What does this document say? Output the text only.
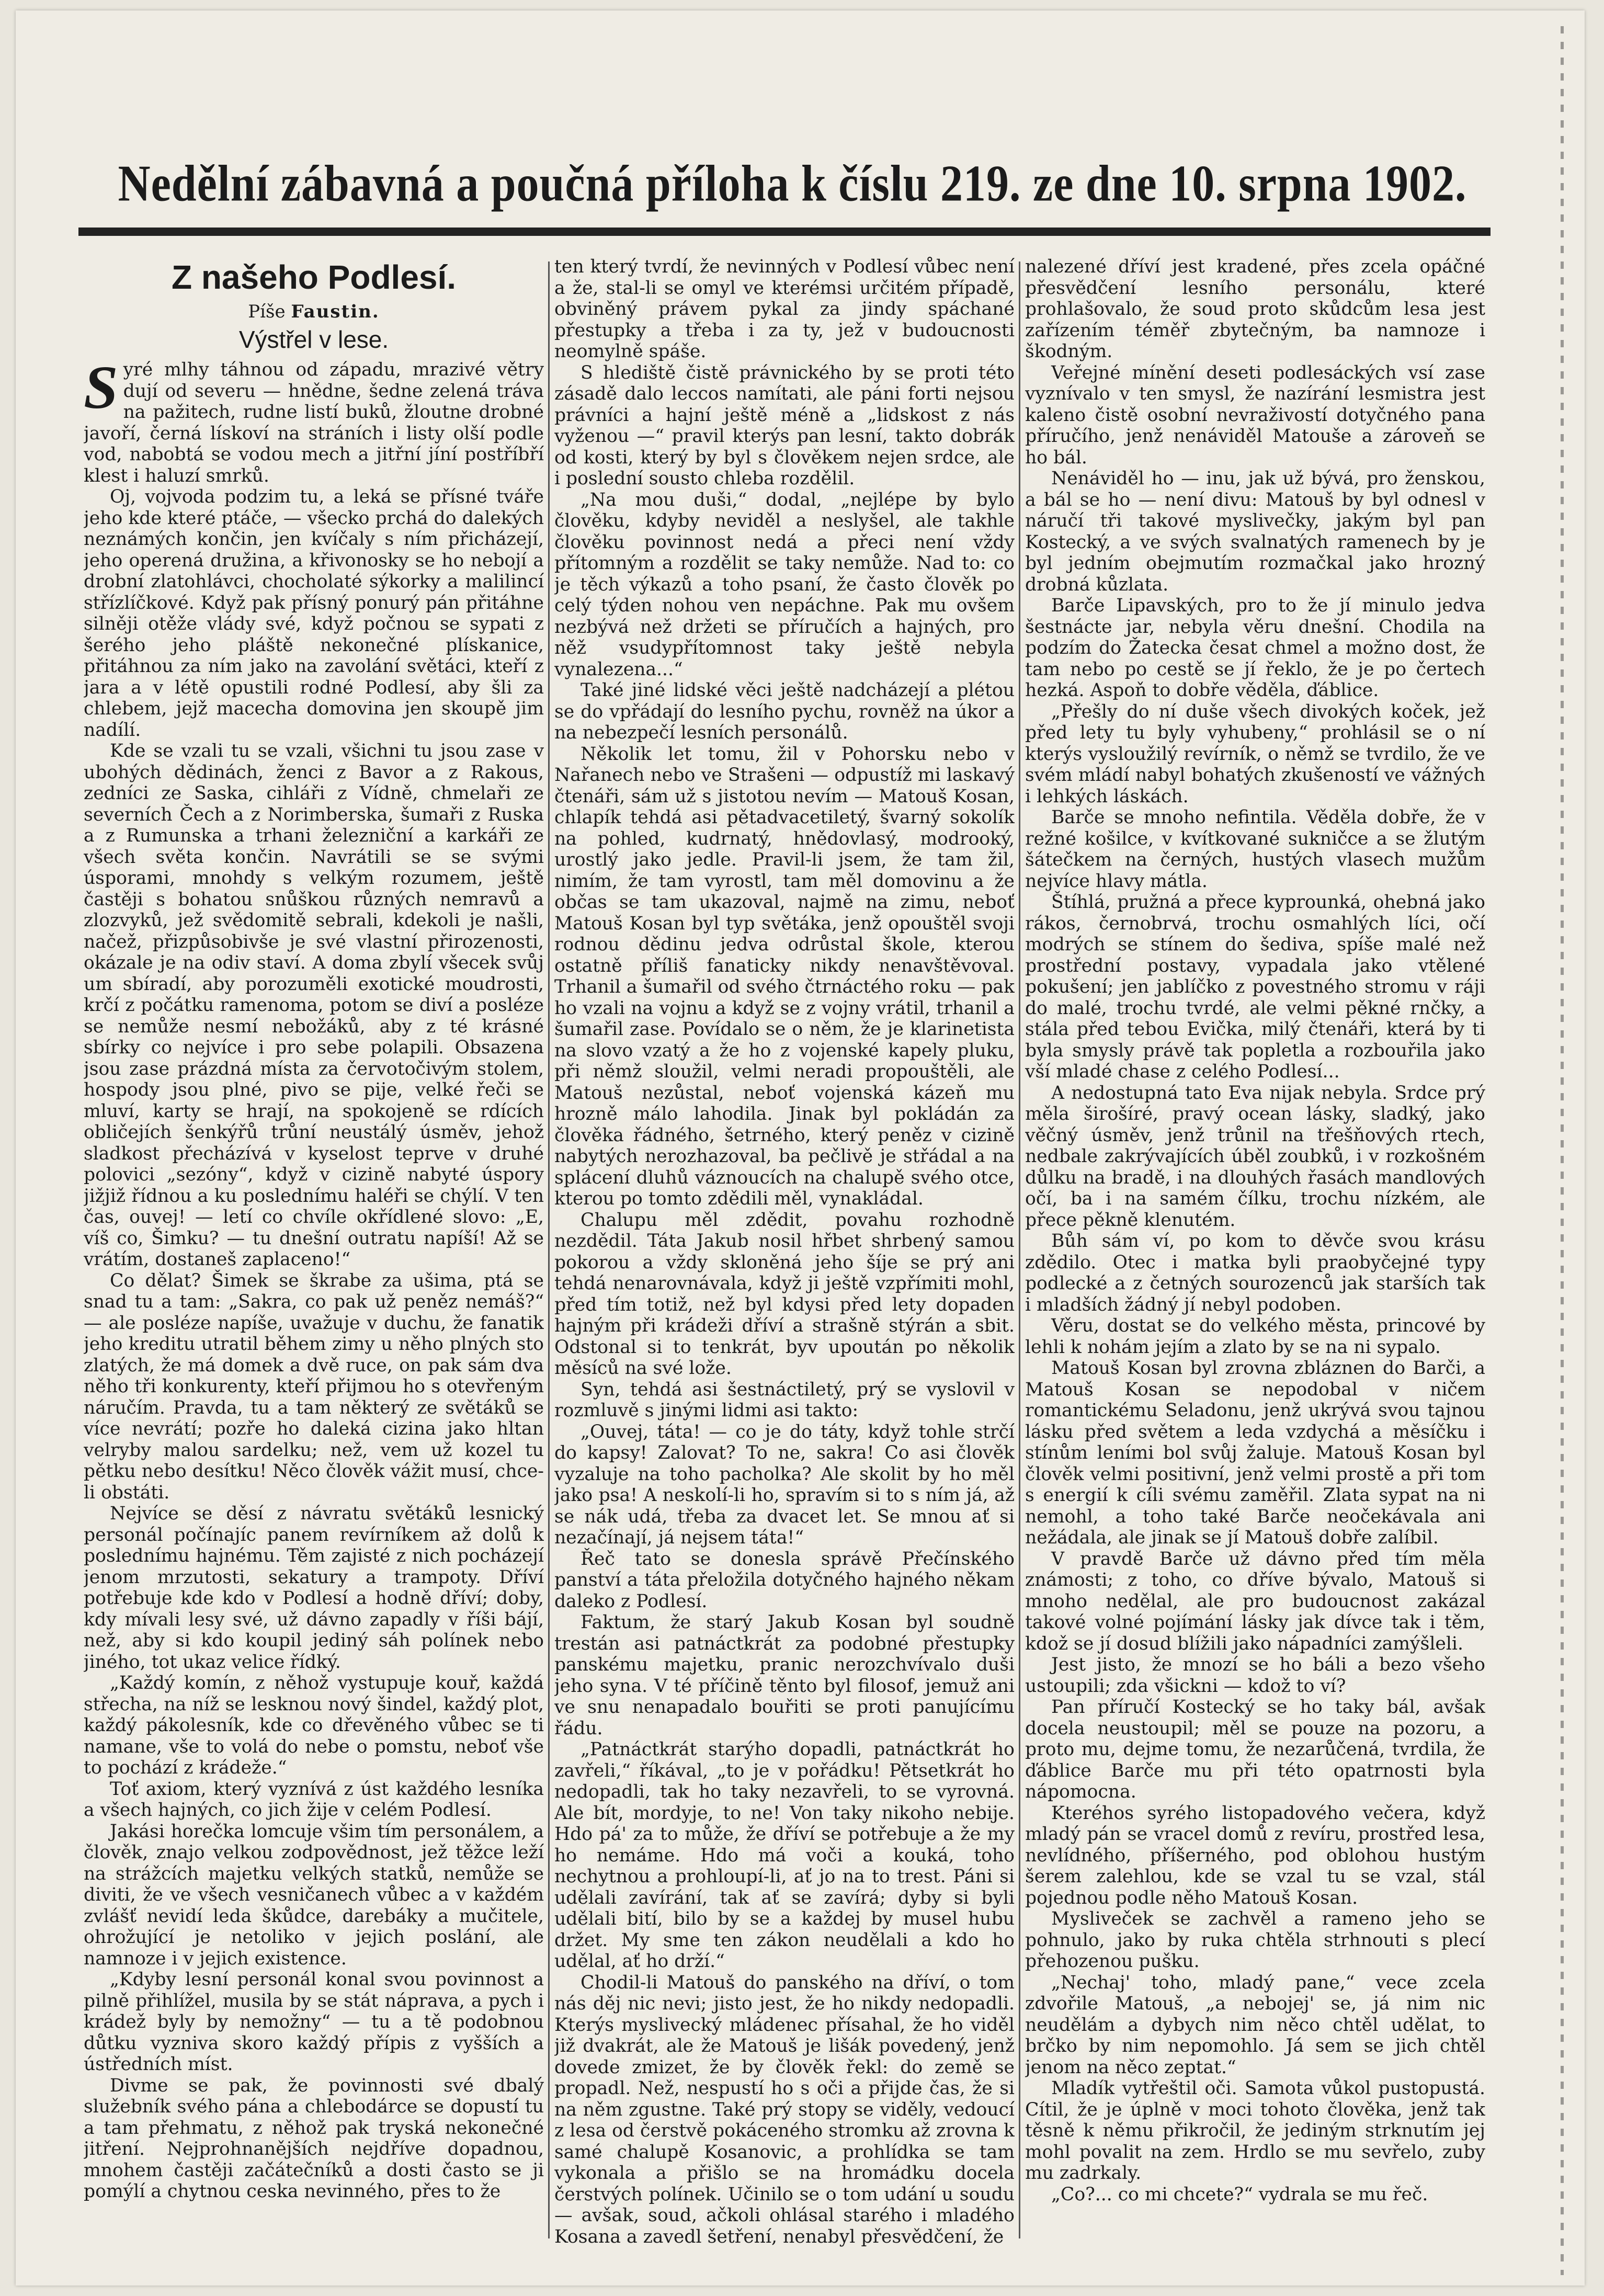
Nedělní zábavná a poučná příloha k číslu 219. ze dne 10. srpna 1902.
Z našeho Podlesí.
Píše Faustin.
Výstřel v lese.

Syré mlhy táhnou od západu, mrazivé větry dují od severu — hnědne, šedne zelená tráva na pažitech, rudne listí buků, žloutne drobné javoří, černá lískoví na stráních i listy olší podle vod, nabobtá se vodou mech a jitřní jíní postříbří klest i haluzí smrků.

Oj, vojvoda podzim tu, a leká se přísné tváře jeho kde které ptáče, — všecko prchá do dalekých neznámých končin, jen kvíčaly s ním přicházejí, jeho operená družina, a křivonosky se ho nebojí a drobní zlatohlávci, chocholaté sýkorky a malilincí střízlíčkové. Když pak přísný ponurý pán přitáhne silněji otěže vlády své, když počnou se sypati z šerého jeho pláště nekonečné plískanice, přitáhnou za ním jako na zavolání světáci, kteří z jara a v létě opustili rodné Podlesí, aby šli za chlebem, jejž macecha domovina jen skoupě jim nadílí.

Kde se vzali tu se vzali, všichni tu jsou zase v ubohých dědinách, ženci z Bavor a z Rakous, zedníci ze Saska, cihláři z Vídně, chmelaři ze severních Čech a z Norimberska, šumaři z Ruska a z Rumunska a trhani železniční a karkáři ze všech světa končin. Navrátili se se svými úsporami, mnohdy s velkým rozumem, ještě častěji s bohatou snůškou různých nemravů a zlozvyků, jež svědomitě sebrali, kdekoli je našli, načež, přizpůsobivše je své vlastní přirozenosti, okázale je na odiv staví. A doma zbylí všecek svůj um sbíradí, aby porozuměli exotické moudrosti, krčí z počátku ramenoma, potom se diví a posléze se nemůže nesmí nebožáků, aby z té krásné sbírky co nejvíce i pro sebe polapili. Obsazena jsou zase prázdná místa za červotočivým stolem, hospody jsou plné, pivo se pije, velké řeči se mluví, karty se hrají, na spokojeně se rdících obličejích šenkýřů trůní neustálý úsměv, jehož sladkost přecházívá v kyselost teprve v druhé polovici „sezóny“, když v cizině nabyté úspory jižjiž řídnou a ku poslednímu haléři se chýlí. V ten čas, ouvej! — letí co chvíle okřídlené slovo: „E, víš co, Šimku? — tu dnešní outratu napíší! Až se vrátím, dostaneš zaplaceno!“

Co dělat? Šimek se škrabe za ušima, ptá se snad tu a tam: „Sakra, co pak už peněz nemáš?“ — ale posléze napíše, uvažuje v duchu, že fanatik jeho kreditu utratil během zimy u něho plných sto zlatých, že má domek a dvě ruce, on pak sám dva něho tři konkurenty, kteří přijmou ho s otevřeným náručím. Pravda, tu a tam některý ze světáků se více nevrátí; pozře ho daleká cizina jako hltan velryby malou sardelku; než, vem už kozel tu pětku nebo desítku! Něco člověk vážit musí, chce-li obstáti.

Nejvíce se děsí z návratu světáků lesnický personál počínajíc panem revírníkem až dolů k poslednímu hajnému. Těm zajisté z nich pocházejí jenom mrzutosti, sekatury a trampoty. Dříví potřebuje kde kdo v Podlesí a hodně dříví; doby, kdy mívali lesy své, už dávno zapadly v říši bájí, než, aby si kdo koupil jediný sáh polínek nebo jiného, tot ukaz velice řídký.

„Každý komín, z něhož vystupuje kouř, každá střecha, na níž se lesknou nový šindel, každý plot, každý pákolesník, kde co dřevěného vůbec se ti namane, vše to volá do nebe o pomstu, neboť vše to pochází z krádeže.“

Toť axiom, který vyznívá z úst každého lesníka a všech hajných, co jich žije v celém Podlesí.

Jakási horečka lomcuje všim tím personálem, a člověk, znajo velkou zodpovědnost, jež těžce leží na strážcích majetku velkých statků, nemůže se diviti, že ve všech vesničanech vůbec a v každém zvlášť nevidí leda škůdce, darebáky a mučitele, ohrožující je netoliko v jejich poslání, ale namnoze i v jejich existence.

„Kdyby lesní personál konal svou povinnost a pilně přihlížel, musila by se stát náprava, a pych i krádež byly by nemožny“ — tu a tě podobnou důtku vyzniva skoro každý přípis z vyšších a ústředních míst.

Divme se pak, že povinnosti své dbalý služebník svého pána a chlebodárce se dopustí tu a tam přehmatu, z něhož pak tryská nekonečné jitření. Nejprohnanějších nejdříve dopadnou, mnohem častěji začátečníků a dosti často se ji pomýlí a chytnou ceska nevinného, přes to že

ten který tvrdí, že nevinných v Podlesí vůbec není a že, stal-li se omyl ve kterémsi určitém případě, obviněný právem pykal za jindy spáchané přestupky a třeba i za ty, jež v budoucnosti neomylně spáše.

S hlediště čistě právnického by se proti této zásadě dalo leccos namítati, ale páni forti nejsou právníci a hajní ještě méně a „lidskost z nás vyženou —“ pravil kterýs pan lesní, takto dobrák od kosti, který by byl s člověkem nejen srdce, ale i poslední sousto chleba rozdělil.

„Na mou duši,“ dodal, „nejlépe by bylo člověku, kdyby neviděl a neslyšel, ale takhle člověku povinnost nedá a přeci není vždy přítomným a rozdělit se taky nemůže. Nad to: co je těch výkazů a toho psaní, že často člověk po celý týden nohou ven nepáchne. Pak mu ovšem nezbývá než držeti se příručích a hajných, pro něž vsudypřítomnost taky ještě nebyla vynalezena...“

Také jiné lidské věci ještě nadcházejí a plétou se do vpřádají do lesního pychu, rovněž na úkor a na nebezpečí lesních personálů.

Několik let tomu, žil v Pohorsku nebo v Nařanech nebo ve Strašeni — odpustíž mi laskavý čtenáři, sám už s jistotou nevím — Matouš Kosan, chlapík tehdá asi pětadvacetiletý, švarný sokolík na pohled, kudrnatý, hnědovlasý, modrooký, urostlý jako jedle. Pravil-li jsem, že tam žil, nimím, že tam vyrostl, tam měl domovinu a že občas se tam ukazoval, najmě na zimu, neboť Matouš Kosan byl typ světáka, jenž opouštěl svoji rodnou dědinu jedva odrůstal škole, kterou ostatně příliš fanaticky nikdy nenavštěvoval. Trhanil a šumařil od svého čtrnáctého roku — pak ho vzali na vojnu a když se z vojny vrátil, trhanil a šumařil zase. Povídalo se o něm, že je klarinetista na slovo vzatý a že ho z vojenské kapely pluku, při němž sloužil, velmi neradi propouštěli, ale Matouš nezůstal, neboť vojenská kázeň mu hrozně málo lahodila. Jinak byl pokládán za člověka řádného, šetrného, který peněz v cizině nabytých nerozhazoval, ba pečlivě je střádal a na splácení dluhů váznoucích na chalupě svého otce, kterou po tomto zdědili měl, vynakládal.

Chalupu měl zdědit, povahu rozhodně nezdědil. Táta Jakub nosil hřbet shrbený samou pokorou a vždy skloněná jeho šíje se prý ani tehdá nenarovnávala, když ji ještě vzpřímiti mohl, před tím totiž, než byl kdysi před lety dopaden hajným při krádeži dříví a strašně stýrán a sbit. Odstonal si to tenkrát, byv upoután po několik měsíců na své lože.

Syn, tehdá asi šestnáctiletý, prý se vyslovil v rozmluvě s jinými lidmi asi takto:

„Ouvej, táta! — co je do táty, když tohle strčí do kapsy! Zalovat? To ne, sakra! Co asi člověk vyzaluje na toho pacholka? Ale skolit by ho měl jako psa! A neskolí-li ho, spravím si to s ním já, až se nák udá, třeba za dvacet let. Se mnou ať si nezačínají, já nejsem táta!“

Řeč tato se donesla správě Přečínského panství a táta přeložila dotyčného hajného někam daleko z Podlesí.

Faktum, že starý Jakub Kosan byl soudně trestán asi patnáctkrát za podobné přestupky panskému majetku, pranic nerozchvívalo duši jeho syna. V té příčině těnto byl filosof, jemuž ani ve snu nenapadalo bouřiti se proti panujícímu řádu.

„Patnáctkrát starýho dopadli, patnáctkrát ho zavřeli,“ říkával, „to je v pořádku! Pětsetkrát ho nedopadli, tak ho taky nezavřeli, to se vyrovná. Ale bít, mordyje, to ne! Von taky nikoho nebije. Hdo pá' za to může, že dříví se potřebuje a že my ho nemáme. Hdo má voči a kouká, toho nechytnou a prohloupí-li, ať jo na to trest. Páni si udělali zavírání, tak ať se zavírá; dyby si byli udělali bití, bilo by se a každej by musel hubu držet. My sme ten zákon neudělali a kdo ho udělal, ať ho drží.“

Chodil-li Matouš do panského na dříví, o tom nás děj nic nevi; jisto jest, že ho nikdy nedopadli. Kterýs myslivecký mládenec přísahal, že ho viděl již dvakrát, ale že Matouš je lišák povedený, jenž dovede zmizet, že by člověk řekl: do země se propadl. Než, nespustí ho s oči a přijde čas, že si na něm zgustne. Také prý stopy se viděly, vedoucí z lesa od čerstvě pokáceného stromku až zrovna k samé chalupě Kosanovic, a prohlídka se tam vykonala a přišlo se na hromádku docela čerstvých polínek. Učinilo se o tom udání u soudu — avšak, soud, ačkoli ohlásal starého i mladého Kosana a zavedl šetření, nenabyl přesvědčení, že

nalezené dříví jest kradené, přes zcela opáčné přesvědčení lesního personálu, které prohlašovalo, že soud proto skůdcům lesa jest zařízením téměř zbytečným, ba namnoze i škodným.

Veřejné mínění deseti podlesáckých vsí zase vyznívalo v ten smysl, že nazírání lesmistra jest kaleno čistě osobní nevraživostí dotyčného pana příručího, jenž nenáviděl Matouše a zároveň se ho bál.

Nenáviděl ho — inu, jak už bývá, pro ženskou, a bál se ho — není divu: Matouš by byl odnesl v náručí tři takové myslivečky, jakým byl pan Kostecký, a ve svých svalnatých ramenech by je byl jedním obejmutím rozmačkal jako hrozný drobná kůzlata.

Barče Lipavských, pro to že jí minulo jedva šestnácte jar, nebyla věru dnešní. Chodila na podzím do Žatecka česat chmel a možno dost, že tam nebo po cestě se jí řeklo, že je po čertech hezká. Aspoň to dobře věděla, ďáblice.

„Přešly do ní duše všech divokých koček, jež před lety tu byly vyhubeny,“ prohlásil se o ní kterýs vysloužilý revírník, o němž se tvrdilo, že ve svém mládí nabyl bohatých zkušeností ve vážných i lehkých láskách.

Barče se mnoho nefintila. Věděla dobře, že v režné košilce, v kvítkované sukničce a se žlutým šátečkem na černých, hustých vlasech mužům nejvíce hlavy mátla.

Štíhlá, pružná a přece kyprounká, ohebná jako rákos, černobrvá, trochu osmahlých líci, očí modrých se stínem do šediva, spíše malé než prostřední postavy, vypadala jako vtělené pokušení; jen jablíčko z povestného stromu v ráji do malé, trochu tvrdé, ale velmi pěkné rnčky, a stála před tebou Evička, milý čtenáři, která by ti byla smysly právě tak popletla a rozbouřila jako vší mladé chase z celého Podlesí...

A nedostupná tato Eva nijak nebyla. Srdce prý měla širošíré, pravý ocean lásky, sladký, jako věčný úsměv, jenž trůnil na třešňových rtech, nedbale zakrývajících úběl zoubků, i v rozkošném důlku na bradě, i na dlouhých řasách mandlových očí, ba i na samém čílku, trochu nízkém, ale přece pěkně klenutém.

Bůh sám ví, po kom to děvče svou krásu zdědilo. Otec i matka byli praobyčejné typy podlecké a z četných sourozenců jak starších tak i mladších žádný jí nebyl podoben.

Věru, dostat se do velkého města, princové by lehli k nohám jejím a zlato by se na ni sypalo.

Matouš Kosan byl zrovna zbláznen do Barči, a Matouš Kosan se nepodobal v ničem romantickému Seladonu, jenž ukrývá svou tajnou lásku před světem a leda vzdychá a měsíčku i stínům leními bol svůj žaluje. Matouš Kosan byl člověk velmi positivní, jenž velmi prostě a při tom s energií k cíli svému zaměřil. Zlata sypat na ni nemohl, a toho také Barče neočekávala ani nežádala, ale jinak se jí Matouš dobře zalíbil.

V pravdě Barče už dávno před tím měla známosti; z toho, co dříve bývalo, Matouš si mnoho nedělal, ale pro budoucnost zakázal takové volné pojímání lásky jak dívce tak i těm, kdož se jí dosud blížili jako nápadníci zamýšleli.

Jest jisto, že mnozí se ho báli a bezo všeho ustoupili; zda všickni — kdož to ví?

Pan příručí Kostecký se ho taky bál, avšak docela neustoupil; měl se pouze na pozoru, a proto mu, dejme tomu, že nezarůčená, tvrdila, že ďáblice Barče mu při této opatrnosti byla nápomocna.

Kteréhos syrého listopadového večera, když mladý pán se vracel domů z revíru, prostřed lesa, nevlídného, příšerného, pod oblohou hustým šerem zalehlou, kde se vzal tu se vzal, stál pojednou podle něho Matouš Kosan.

Mysliveček se zachvěl a rameno jeho se pohnulo, jako by ruka chtěla strhnouti s plecí přehozenou pušku.

„Nechaj' toho, mladý pane,“ vece zcela zdvořile Matouš, „a nebojej' se, já nim nic neudělám a dybych nim něco chtěl udělat, to brčko by nim nepomohlo. Já sem se jich chtěl jenom na něco zeptat.“

Mladík vytřeštil oči. Samota vůkol pustopustá. Cítil, že je úplně v moci tohoto člověka, jenž tak těsně k němu přikročil, že jediným strknutím jej mohl povalit na zem. Hrdlo se mu sevřelo, zuby mu zadrkaly.

„Co?... co mi chcete?“ vydrala se mu řeč.
